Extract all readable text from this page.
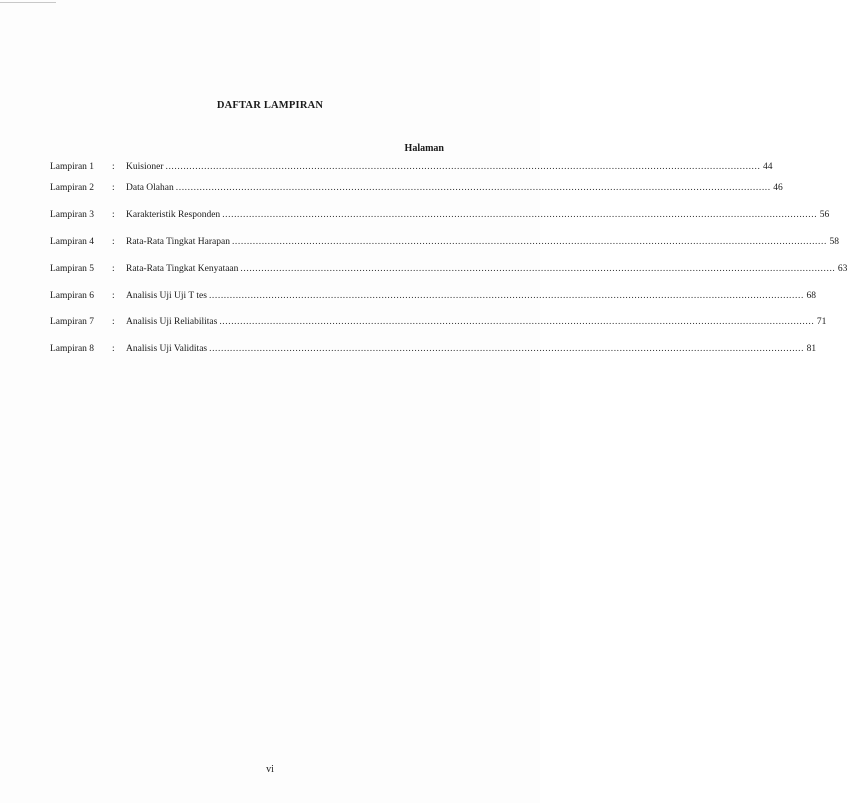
DAFTAR LAMPIRAN
Halaman
Lampiran 1	:	Kuisioner ........................................................................................................................................................................................................ 44
Lampiran 2	:	Data Olahan ........................................................................................................................................................................................................ 46
Lampiran 3	:	Karakteristik Responden ........................................................................................................................................................................................................ 56
Lampiran 4	:	Rata-Rata Tingkat Harapan ........................................................................................................................................................................................................ 58
Lampiran 5	:	Rata-Rata Tingkat Kenyataan ........................................................................................................................................................................................................ 63
Lampiran 6	:	Analisis Uji Uji T tes ........................................................................................................................................................................................................ 68
Lampiran 7	:	Analisis Uji Reliabilitas ........................................................................................................................................................................................................ 71
Lampiran 8	:	Analisis Uji Validitas ........................................................................................................................................................................................................ 81
vi
